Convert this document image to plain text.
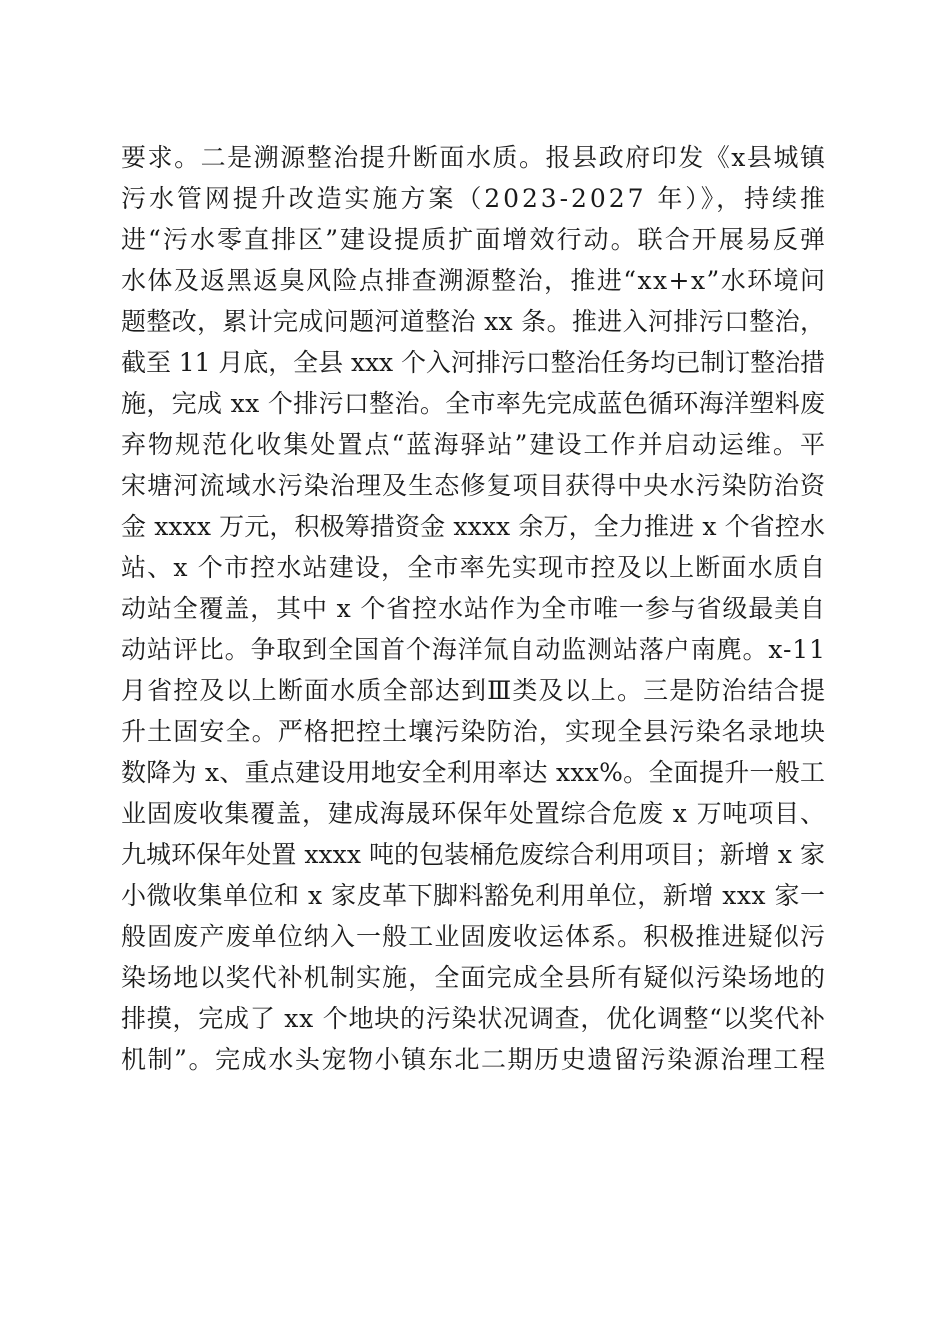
要求。二是溯源整治提升断面水质。报县政府印发《x县城镇
污水管网提升改造实施方案（2023-2027 年）》，持续推
进“污水零直排区”建设提质扩面增效行动。联合开展易反弹
水体及返黑返臭风险点排查溯源整治，推进“xx+x”水环境问
题整改，累计完成问题河道整治 xx 条。推进入河排污口整治，
截至 11 月底，全县 xxx 个入河排污口整治任务均已制订整治措
施，完成 xx 个排污口整治。全市率先完成蓝色循环海洋塑料废
弃物规范化收集处置点“蓝海驿站”建设工作并启动运维。平
宋塘河流域水污染治理及生态修复项目获得中央水污染防治资
金 xxxx 万元，积极筹措资金 xxxx 余万，全力推进 x 个省控水
站、x 个市控水站建设，全市率先实现市控及以上断面水质自
动站全覆盖，其中 x 个省控水站作为全市唯一参与省级最美自
动站评比。争取到全国首个海洋氚自动监测站落户南麂。x-11
月省控及以上断面水质全部达到Ⅲ类及以上。三是防治结合提
升土固安全。严格把控土壤污染防治，实现全县污染名录地块
数降为 x、重点建设用地安全利用率达 xxx%。全面提升一般工
业固废收集覆盖，建成海晟环保年处置综合危废 x 万吨项目、
九城环保年处置 xxxx 吨的包装桶危废综合利用项目；新增 x 家
小微收集单位和 x 家皮革下脚料豁免利用单位，新增 xxx 家一
般固废产废单位纳入一般工业固废收运体系。积极推进疑似污
染场地以奖代补机制实施，全面完成全县所有疑似污染场地的
排摸，完成了 xx 个地块的污染状况调查，优化调整“以奖代补
机制”。完成水头宠物小镇东北二期历史遗留污染源治理工程
